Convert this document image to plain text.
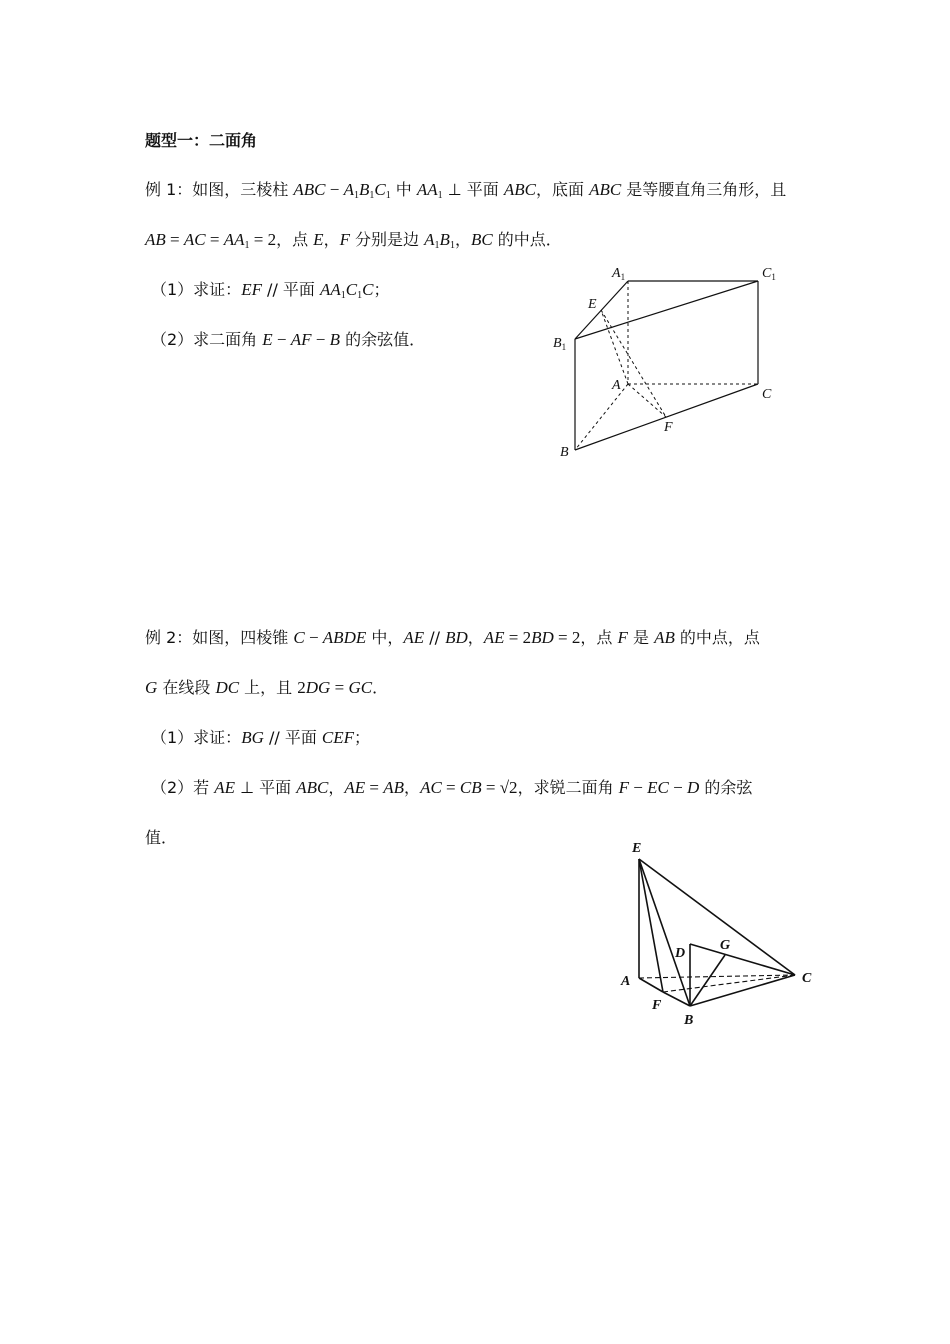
题型一：二面角
例 1：如图，三棱柱 ABC − A1B1C1 中 AA1 ⊥ 平面 ABC，底面 ABC 是等腰直角三角形，且
AB = AC = AA1 = 2，点 E，F 分别是边 A1B1，BC 的中点．
（1）求证：EF // 平面 AA1C1C；
（2）求二面角 E − AF − B 的余弦值．
$A_1$	$C_1$
E
$B_1$
A
C
F
B
例 2：如图，四棱锥 C − ABDE 中，AE // BD，AE = 2BD = 2，点 F 是 AB 的中点，点
G 在线段 DC 上，且 2DG = GC．
（1）求证：BG // 平面 CEF；
（2）若 AE ⊥ 平面 ABC，AE = AB，AC = CB = √2，求锐二面角 F − EC − D 的余弦
值．
E
D
G
A	C
F
B
